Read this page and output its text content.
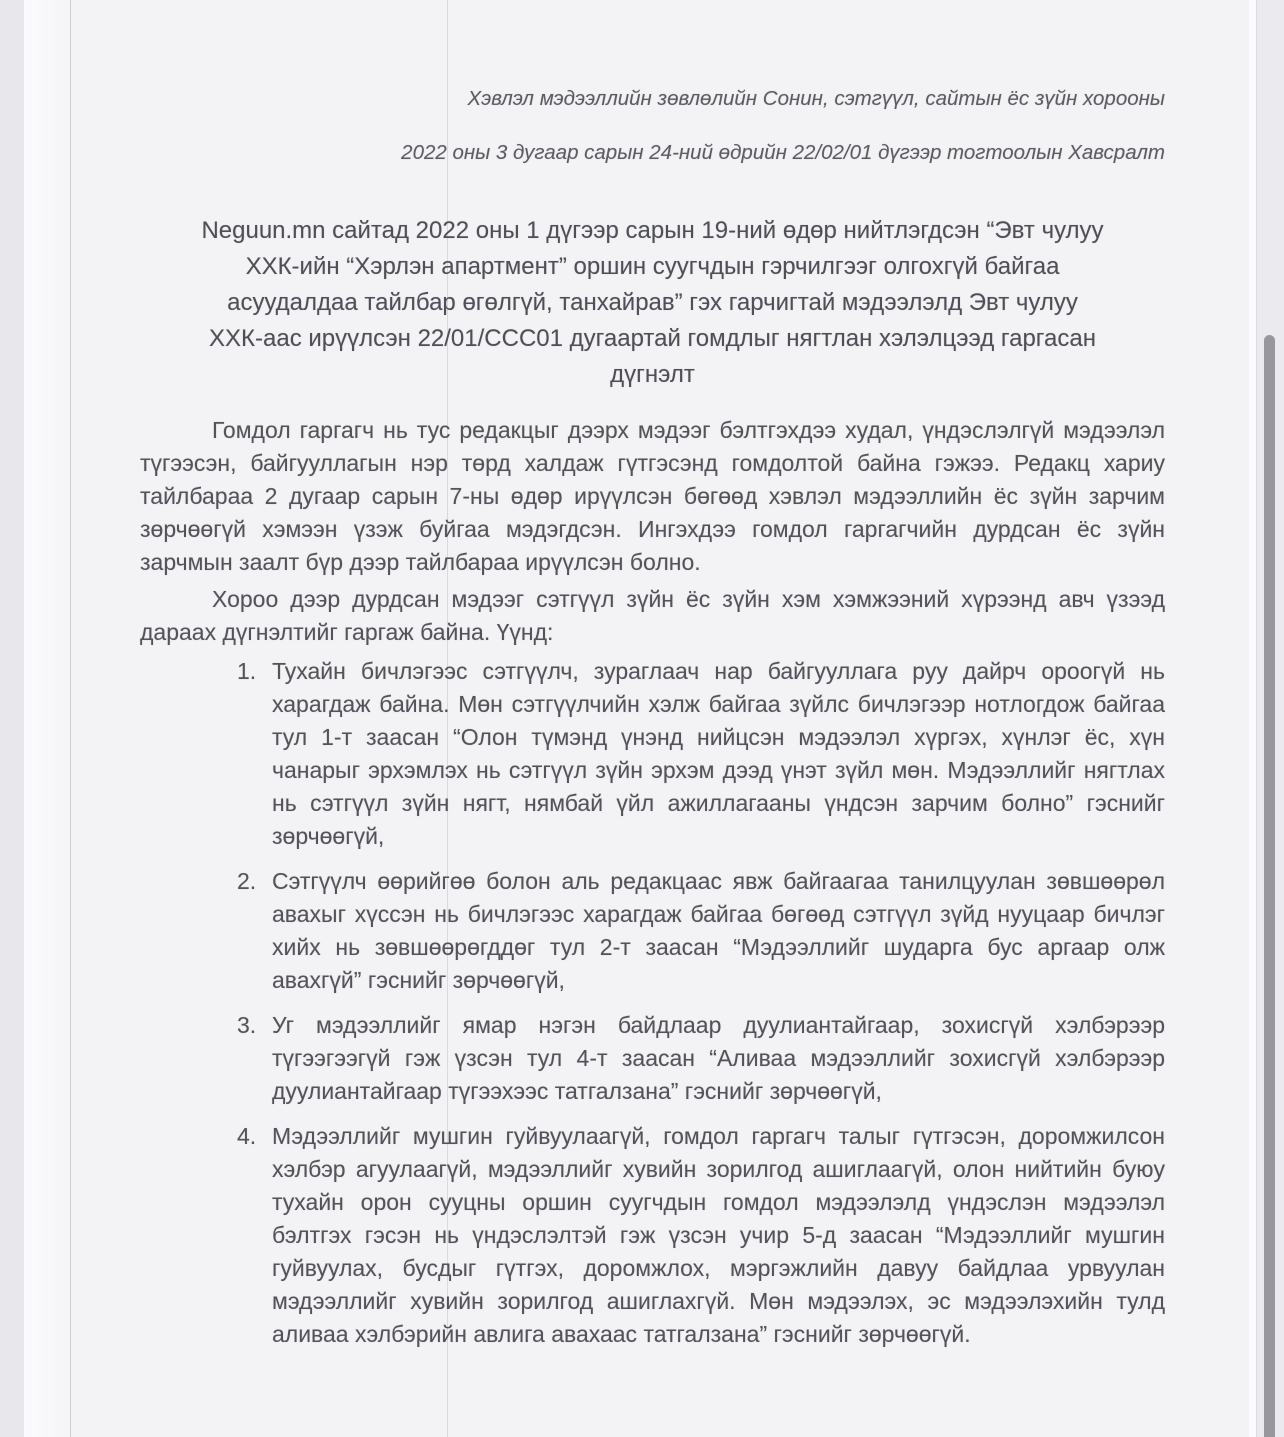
Хэвлэл мэдээллийн зөвлөлийн Сонин, сэтгүүл, сайтын ёс зүйн хорооны
2022 оны 3 дугаар сарын 24-ний өдрийн 22/02/01 дүгээр тогтоолын Хавсралт
Neguun.mn сайтад 2022 оны 1 дүгээр сарын 19-ний өдөр нийтлэгдсэн “Эвт чулуу
ХХК-ийн “Хэрлэн апартмент” оршин суугчдын гэрчилгээг олгохгүй байгаа
асуудалдаа тайлбар өгөлгүй, танхайрав” гэх гарчигтай мэдээлэлд Эвт чулуу
ХХК-аас ирүүлсэн 22/01/ССС01 дугаартай гомдлыг нягтлан хэлэлцээд гаргасан
дүгнэлт
Гомдол гаргагч нь тус редакцыг дээрх мэдээг бэлтгэхдээ худал, үндэслэлгүй мэдээлэл түгээсэн, байгууллагын нэр төрд халдаж гүтгэсэнд гомдолтой байна гэжээ. Редакц хариу тайлбараа 2 дугаар сарын 7-ны өдөр ирүүлсэн бөгөөд хэвлэл мэдээллийн ёс зүйн зарчим зөрчөөгүй хэмээн үзэж буйгаа мэдэгдсэн. Ингэхдээ гомдол гаргагчийн дурдсан ёс зүйн зарчмын заалт бүр дээр тайлбараа ирүүлсэн болно.
Хороо дээр дурдсан мэдээг сэтгүүл зүйн ёс зүйн хэм хэмжээний хүрээнд авч үзээд дараах дүгнэлтийг гаргаж байна. Үүнд:
1. Тухайн бичлэгээс сэтгүүлч, зураглаач нар байгууллага руу дайрч ороогүй нь харагдаж байна. Мөн сэтгүүлчийн хэлж байгаа зүйлс бичлэгээр нотлогдож байгаа тул 1-т заасан “Олон түмэнд үнэнд нийцсэн мэдээлэл хүргэх, хүнлэг ёс, хүн чанарыг эрхэмлэх нь сэтгүүл зүйн эрхэм дээд үнэт зүйл мөн. Мэдээллийг нягтлах нь сэтгүүл зүйн нягт, нямбай үйл ажиллагааны үндсэн зарчим болно” гэснийг зөрчөөгүй,
2. Сэтгүүлч өөрийгөө болон аль редакцаас явж байгаагаа танилцуулан зөвшөөрөл авахыг хүссэн нь бичлэгээс харагдаж байгаа бөгөөд сэтгүүл зүйд нууцаар бичлэг хийх нь зөвшөөрөгддөг тул 2-т заасан “Мэдээллийг шударга бус аргаар олж авахгүй” гэснийг зөрчөөгүй,
3. Уг мэдээллийг ямар нэгэн байдлаар дуулиантайгаар, зохисгүй хэлбэрээр түгээгээгүй гэж үзсэн тул 4-т заасан “Аливаа мэдээллийг зохисгүй хэлбэрээр дуулиантайгаар түгээхээс татгалзана” гэснийг зөрчөөгүй,
4. Мэдээллийг мушгин гуйвуулаагүй, гомдол гаргагч талыг гүтгэсэн, доромжилсон хэлбэр агуулаагүй, мэдээллийг хувийн зорилгод ашиглаагүй, олон нийтийн буюу тухайн орон сууцны оршин суугчдын гомдол мэдээлэлд үндэслэн мэдээлэл бэлтгэх гэсэн нь үндэслэлтэй гэж үзсэн учир 5-д заасан “Мэдээллийг мушгин гуйвуулах, бусдыг гүтгэх, доромжлох, мэргэжлийн давуу байдлаа урвуулан мэдээллийг хувийн зорилгод ашиглахгүй. Мөн мэдээлэх, эс мэдээлэхийн тулд аливаа хэлбэрийн авлига авахаас татгалзана” гэснийг зөрчөөгүй.
